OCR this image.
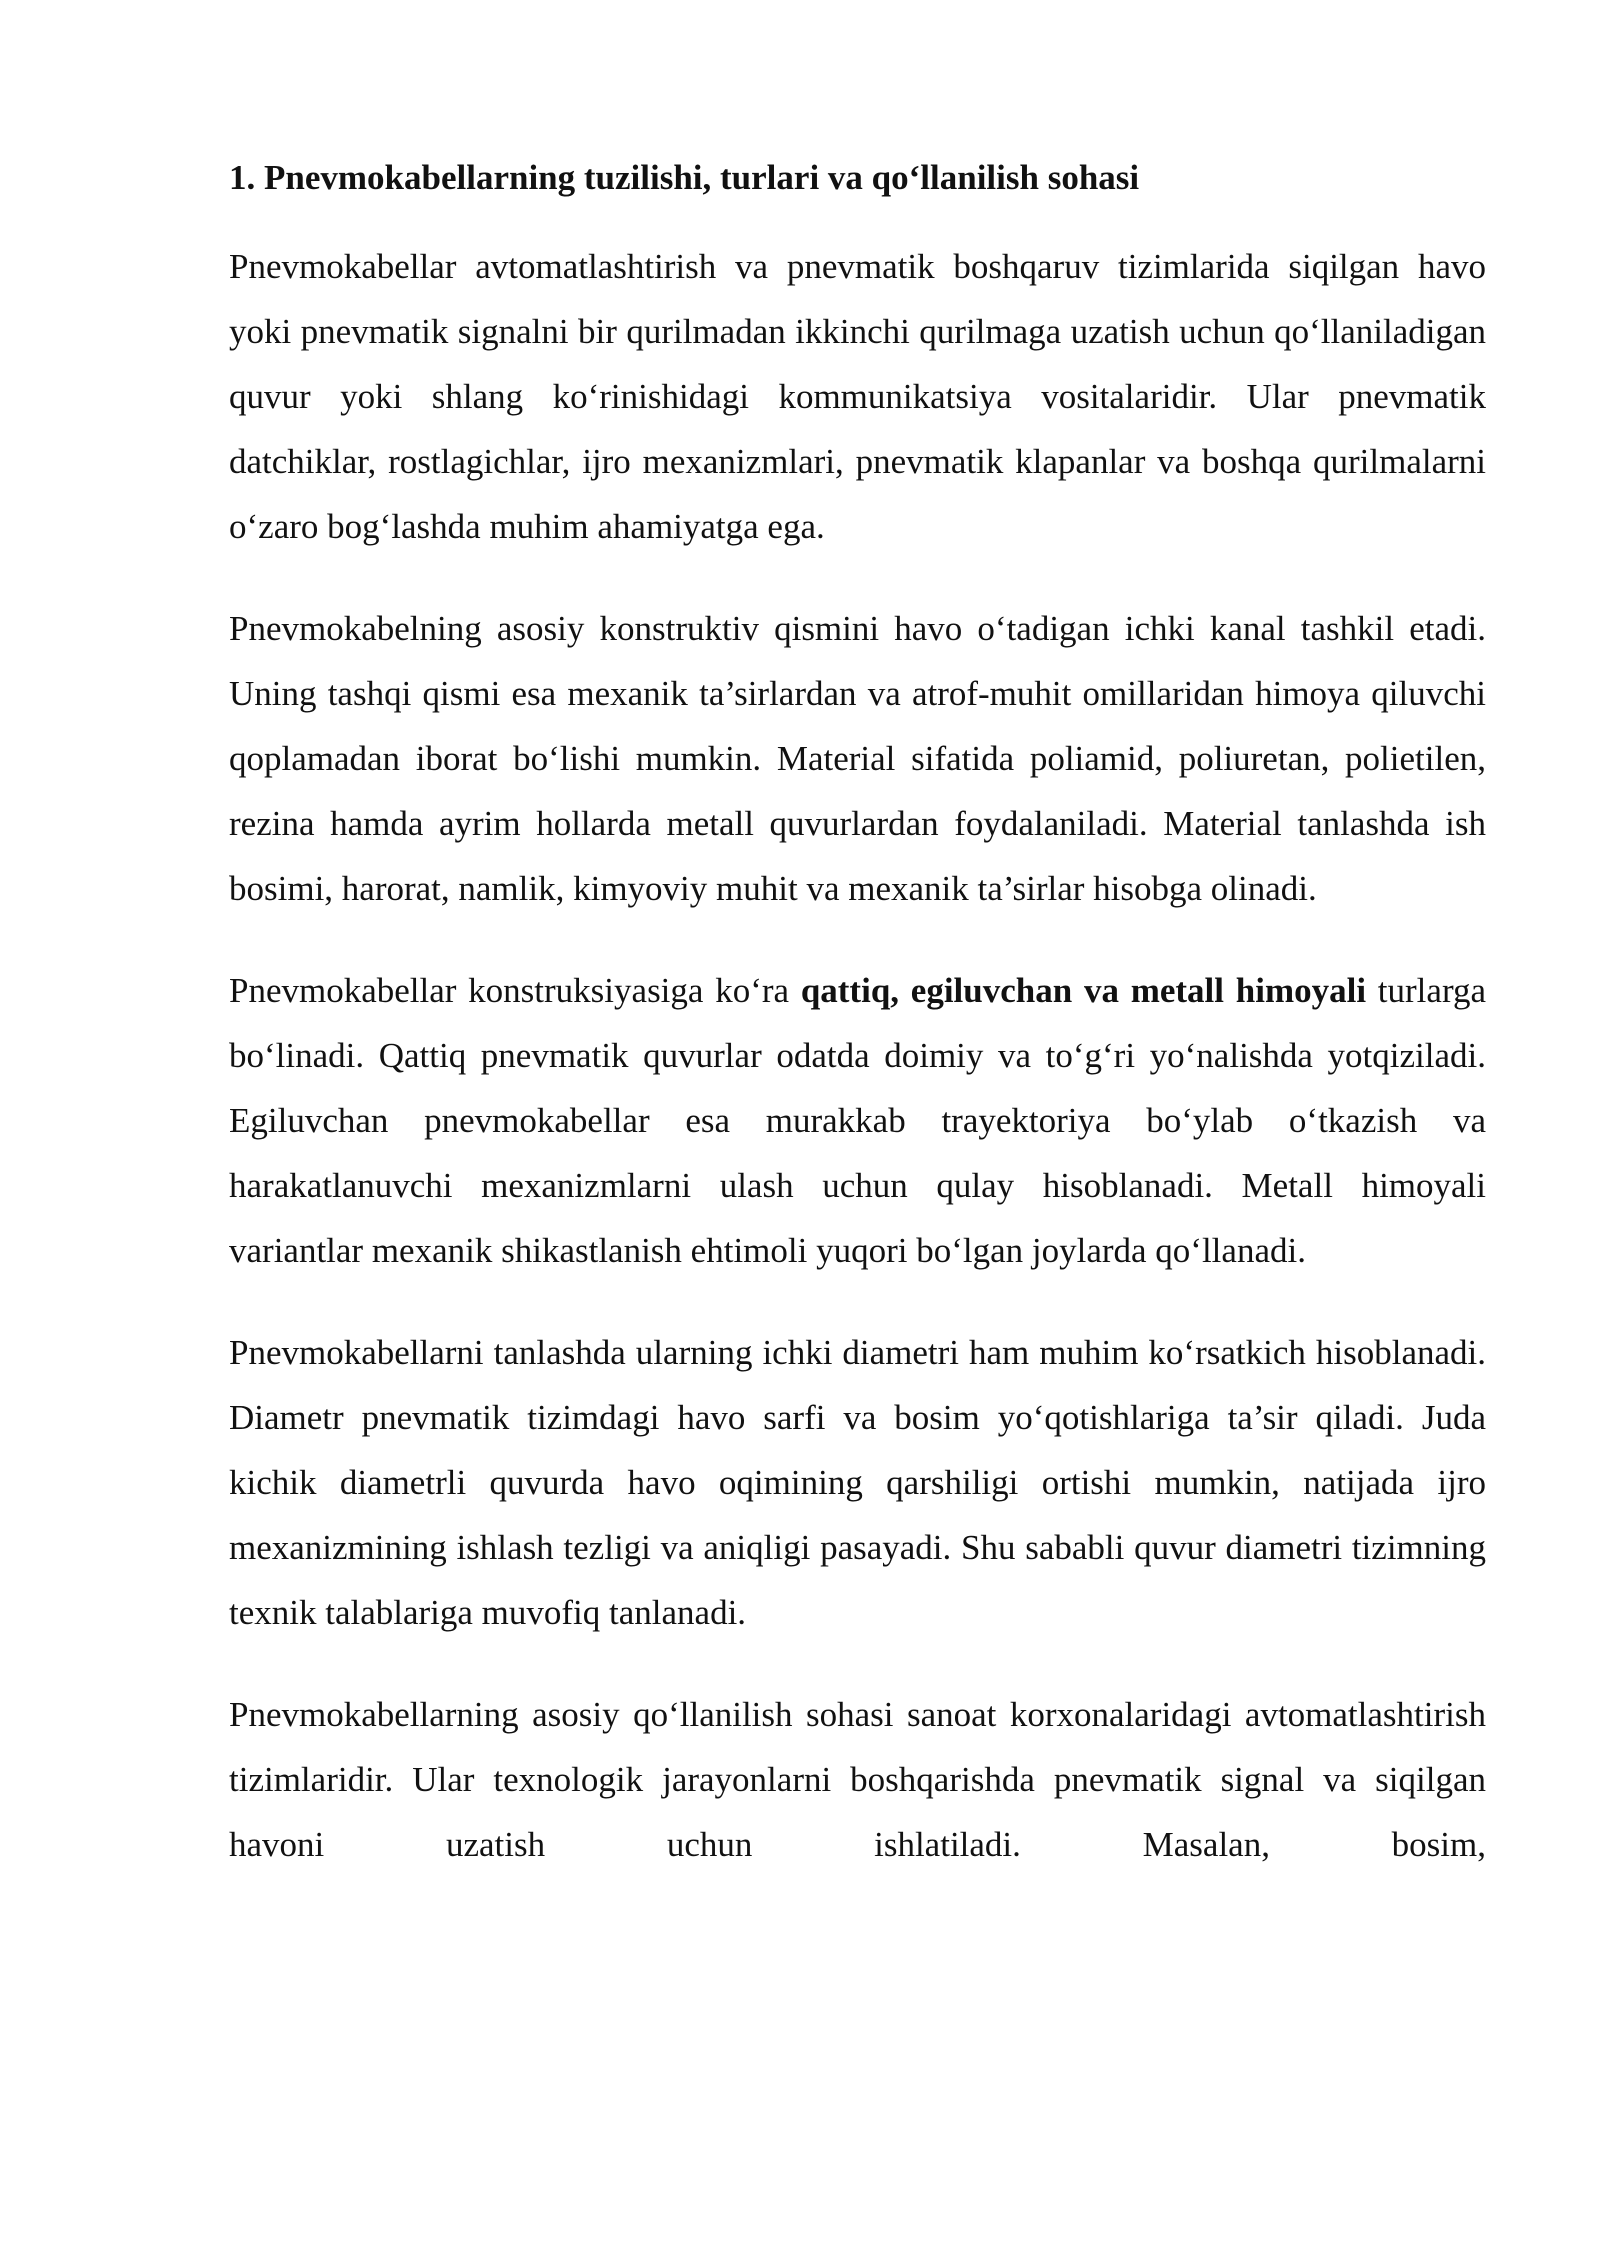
1. Pnevmokabellarning tuzilishi, turlari va qo‘llanilish sohasi

Pnevmokabellar avtomatlashtirish va pnevmatik boshqaruv tizimlarida siqilgan havo yoki pnevmatik signalni bir qurilmadan ikkinchi qurilmaga uzatish uchun qo‘llaniladigan quvur yoki shlang ko‘rinishidagi kommunikatsiya vositalaridir. Ular pnevmatik datchiklar, rostlagichlar, ijro mexanizmlari, pnevmatik klapanlar va boshqa qurilmalarni o‘zaro bog‘lashda muhim ahamiyatga ega.

Pnevmokabelning asosiy konstruktiv qismini havo o‘tadigan ichki kanal tashkil etadi. Uning tashqi qismi esa mexanik ta’sirlardan va atrof-muhit omillaridan himoya qiluvchi qoplamadan iborat bo‘lishi mumkin. Material sifatida poliamid, poliuretan, polietilen, rezina hamda ayrim hollarda metall quvurlardan foydalaniladi. Material tanlashda ish bosimi, harorat, namlik, kimyoviy muhit va mexanik ta’sirlar hisobga olinadi.

Pnevmokabellar konstruksiyasiga ko‘ra qattiq, egiluvchan va metall himoyali turlarga bo‘linadi. Qattiq pnevmatik quvurlar odatda doimiy va to‘g‘ri yo‘nalishda yotqiziladi. Egiluvchan pnevmokabellar esa murakkab trayektoriya bo‘ylab o‘tkazish va harakatlanuvchi mexanizmlarni ulash uchun qulay hisoblanadi. Metall himoyali variantlar mexanik shikastlanish ehtimoli yuqori bo‘lgan joylarda qo‘llanadi.

Pnevmokabellarni tanlashda ularning ichki diametri ham muhim ko‘rsatkich hisoblanadi. Diametr pnevmatik tizimdagi havo sarfi va bosim yo‘qotishlariga ta’sir qiladi. Juda kichik diametrli quvurda havo oqimining qarshiligi ortishi mumkin, natijada ijro mexanizmining ishlash tezligi va aniqligi pasayadi. Shu sababli quvur diametri tizimning texnik talablariga muvofiq tanlanadi.

Pnevmokabellarning asosiy qo‘llanilish sohasi sanoat korxonalaridagi avtomatlashtirish tizimlaridir. Ular texnologik jarayonlarni boshqarishda pnevmatik signal va siqilgan havoni uzatish uchun ishlatiladi. Masalan, bosim,
